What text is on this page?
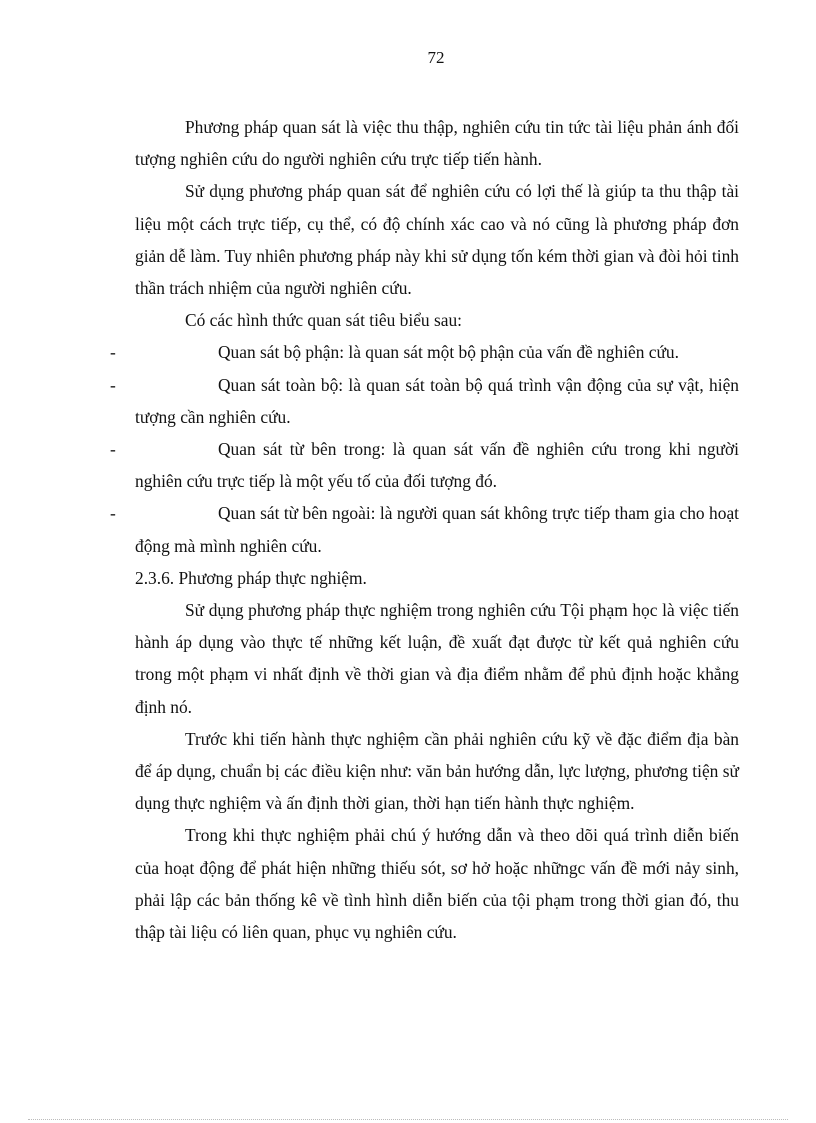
72

Phương pháp quan sát là việc thu thập, nghiên cứu tin tức tài liệu phản ánh đối tượng nghiên cứu do người nghiên cứu trực tiếp tiến hành.

Sử dụng phương pháp quan sát để nghiên cứu có lợi thế là giúp ta thu thập tài liệu một cách trực tiếp, cụ thể, có độ chính xác cao và nó cũng là phương pháp đơn giản dễ làm. Tuy nhiên phương pháp này khi sử dụng tốn kém thời gian và đòi hỏi tinh thần trách nhiệm của người nghiên cứu.

Có các hình thức quan sát tiêu biểu sau:

-	Quan sát bộ phận: là quan sát một bộ phận của vấn đề nghiên cứu.

-	Quan sát toàn bộ: là quan sát toàn bộ quá trình vận động của sự vật, hiện tượng cần nghiên cứu.

-	Quan sát từ bên trong: là quan sát vấn đề nghiên cứu trong khi người nghiên cứu trực tiếp là một yếu tố của đối tượng đó.

-	Quan sát từ bên ngoài: là người quan sát không trực tiếp tham gia cho hoạt động mà mình nghiên cứu.

2.3.6. Phương pháp thực nghiệm.

Sử dụng phương pháp thực nghiệm trong nghiên cứu Tội phạm học là việc tiến hành áp dụng vào thực tế những kết luận, đề xuất đạt được từ kết quả nghiên cứu trong một phạm vi nhất định về thời gian và địa điểm nhằm để phủ định hoặc khẳng định nó.

Trước khi tiến hành thực nghiệm cần phải nghiên cứu kỹ về đặc điểm địa bàn để áp dụng, chuẩn bị các điều kiện như: văn bản hướng dẫn, lực lượng, phương tiện sử dụng thực nghiệm và ấn định thời gian, thời hạn tiến hành thực nghiệm.

Trong khi thực nghiệm phải chú ý hướng dẫn và theo dõi quá trình diễn biến của hoạt động để phát hiện những thiếu sót, sơ hở hoặc nhữngc vấn đề mới nảy sinh, phải lập các bản thống kê về tình hình diễn biến của tội phạm trong thời gian đó, thu thập tài liệu có liên quan, phục vụ nghiên cứu.
